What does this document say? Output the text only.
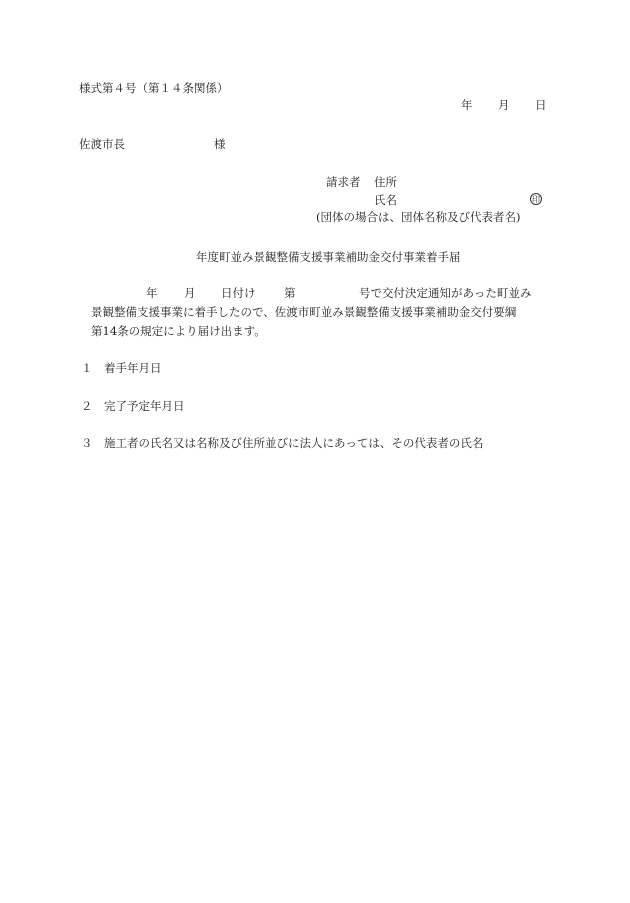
様式第４号（第１４条関係）
年 月 日
佐渡市長	様
請求者 住所
氏名	印
(団体の場合は、団体名称及び代表者名)
年度町並み景観整備支援事業補助金交付事業着手届
年 月 日付け 第	号で交付決定通知があった町並み
景観整備支援事業に着手したので、佐渡市町並み景観整備支援事業補助金交付要綱
第14条の規定により届け出ます。
１ 着手年月日
２ 完了予定年月日
３ 施工者の氏名又は名称及び住所並びに法人にあっては、その代表者の氏名
